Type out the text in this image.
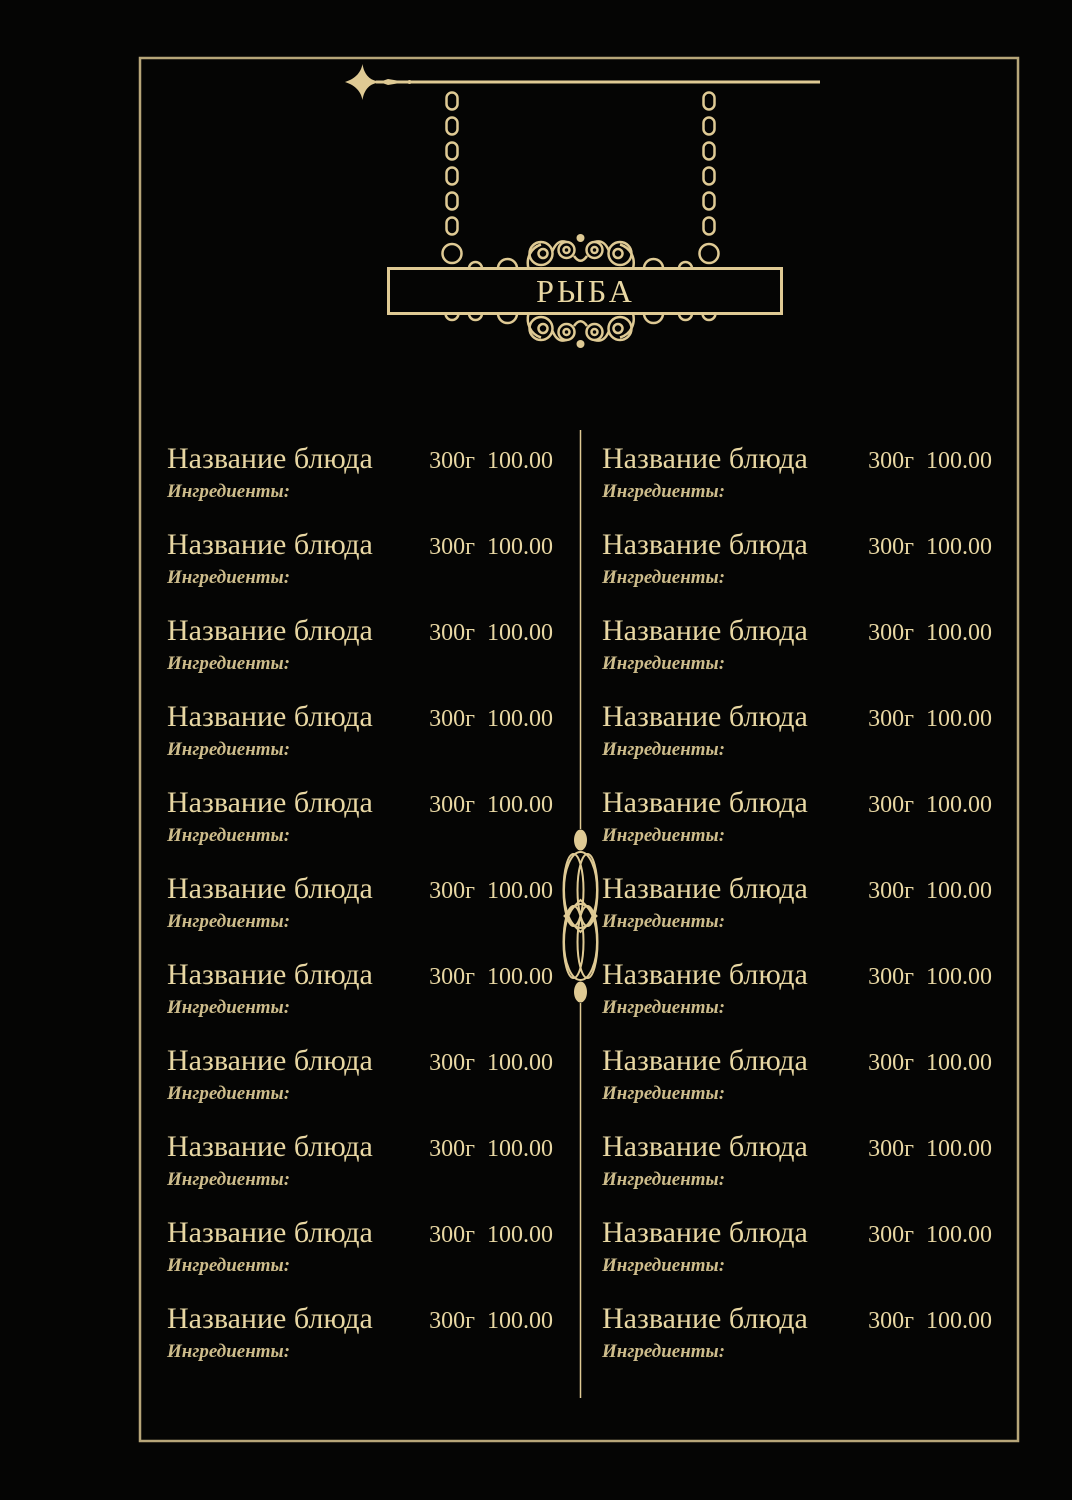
РЫБА
Название блюда 300г 100.00
Ингредиенты:
Название блюда 300г 100.00
Ингредиенты:
Название блюда 300г 100.00
Ингредиенты:
Название блюда 300г 100.00
Ингредиенты:
Название блюда 300г 100.00
Ингредиенты:
Название блюда 300г 100.00
Ингредиенты:
Название блюда 300г 100.00
Ингредиенты:
Название блюда 300г 100.00
Ингредиенты:
Название блюда 300г 100.00
Ингредиенты:
Название блюда 300г 100.00
Ингредиенты:
Название блюда 300г 100.00
Ингредиенты:
Название блюда	300г 100.00
Ингредиенты:
Название блюда	300г 100.00
Ингредиенты:
Название блюда	300г 100.00
Ингредиенты:
Название блюда	300г 100.00
Ингредиенты:
Название блюда	300г 100.00
Ингредиенты:
Название блюда	300г 100.00
Ингредиенты:
Название блюда	300г 100.00
Ингредиенты:
Название блюда	300г 100.00
Ингредиенты:
Название блюда	300г 100.00
Ингредиенты:
Название блюда	300г 100.00
Ингредиенты:
Название блюда	300г 100.00
Ингредиенты:
